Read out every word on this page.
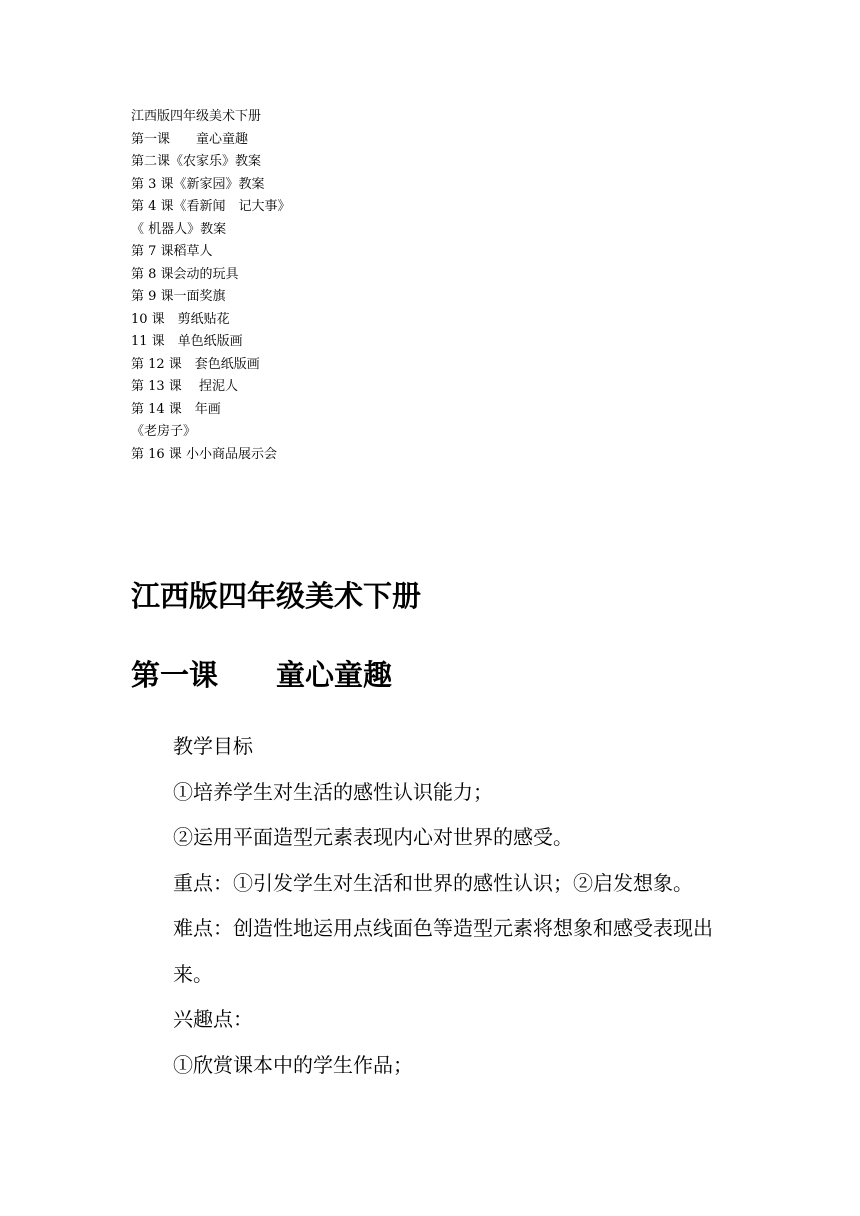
江西版四年级美术下册
第一课　　童心童趣
第二课《农家乐》教案
第 3 课《新家园》教案
第 4 课《看新闻　记大事》
《 机器人》教案
第 7 课稻草人
第 8 课会动的玩具
第 9 课一面奖旗
10 课　剪纸贴花
11 课　单色纸版画
第 12 课　套色纸版画
第 13 课　 捏泥人
第 14 课　年画
《老房子》
第 16 课 小小商品展示会
江西版四年级美术下册
第一课　　童心童趣

教学目标

①培养学生对生活的感性认识能力；

②运用平面造型元素表现内心对世界的感受。

重点：①引发学生对生活和世界的感性认识；②启发想象。

难点：创造性地运用点线面色等造型元素将想象和感受表现出来。

兴趣点：

①欣赏课本中的学生作品；
